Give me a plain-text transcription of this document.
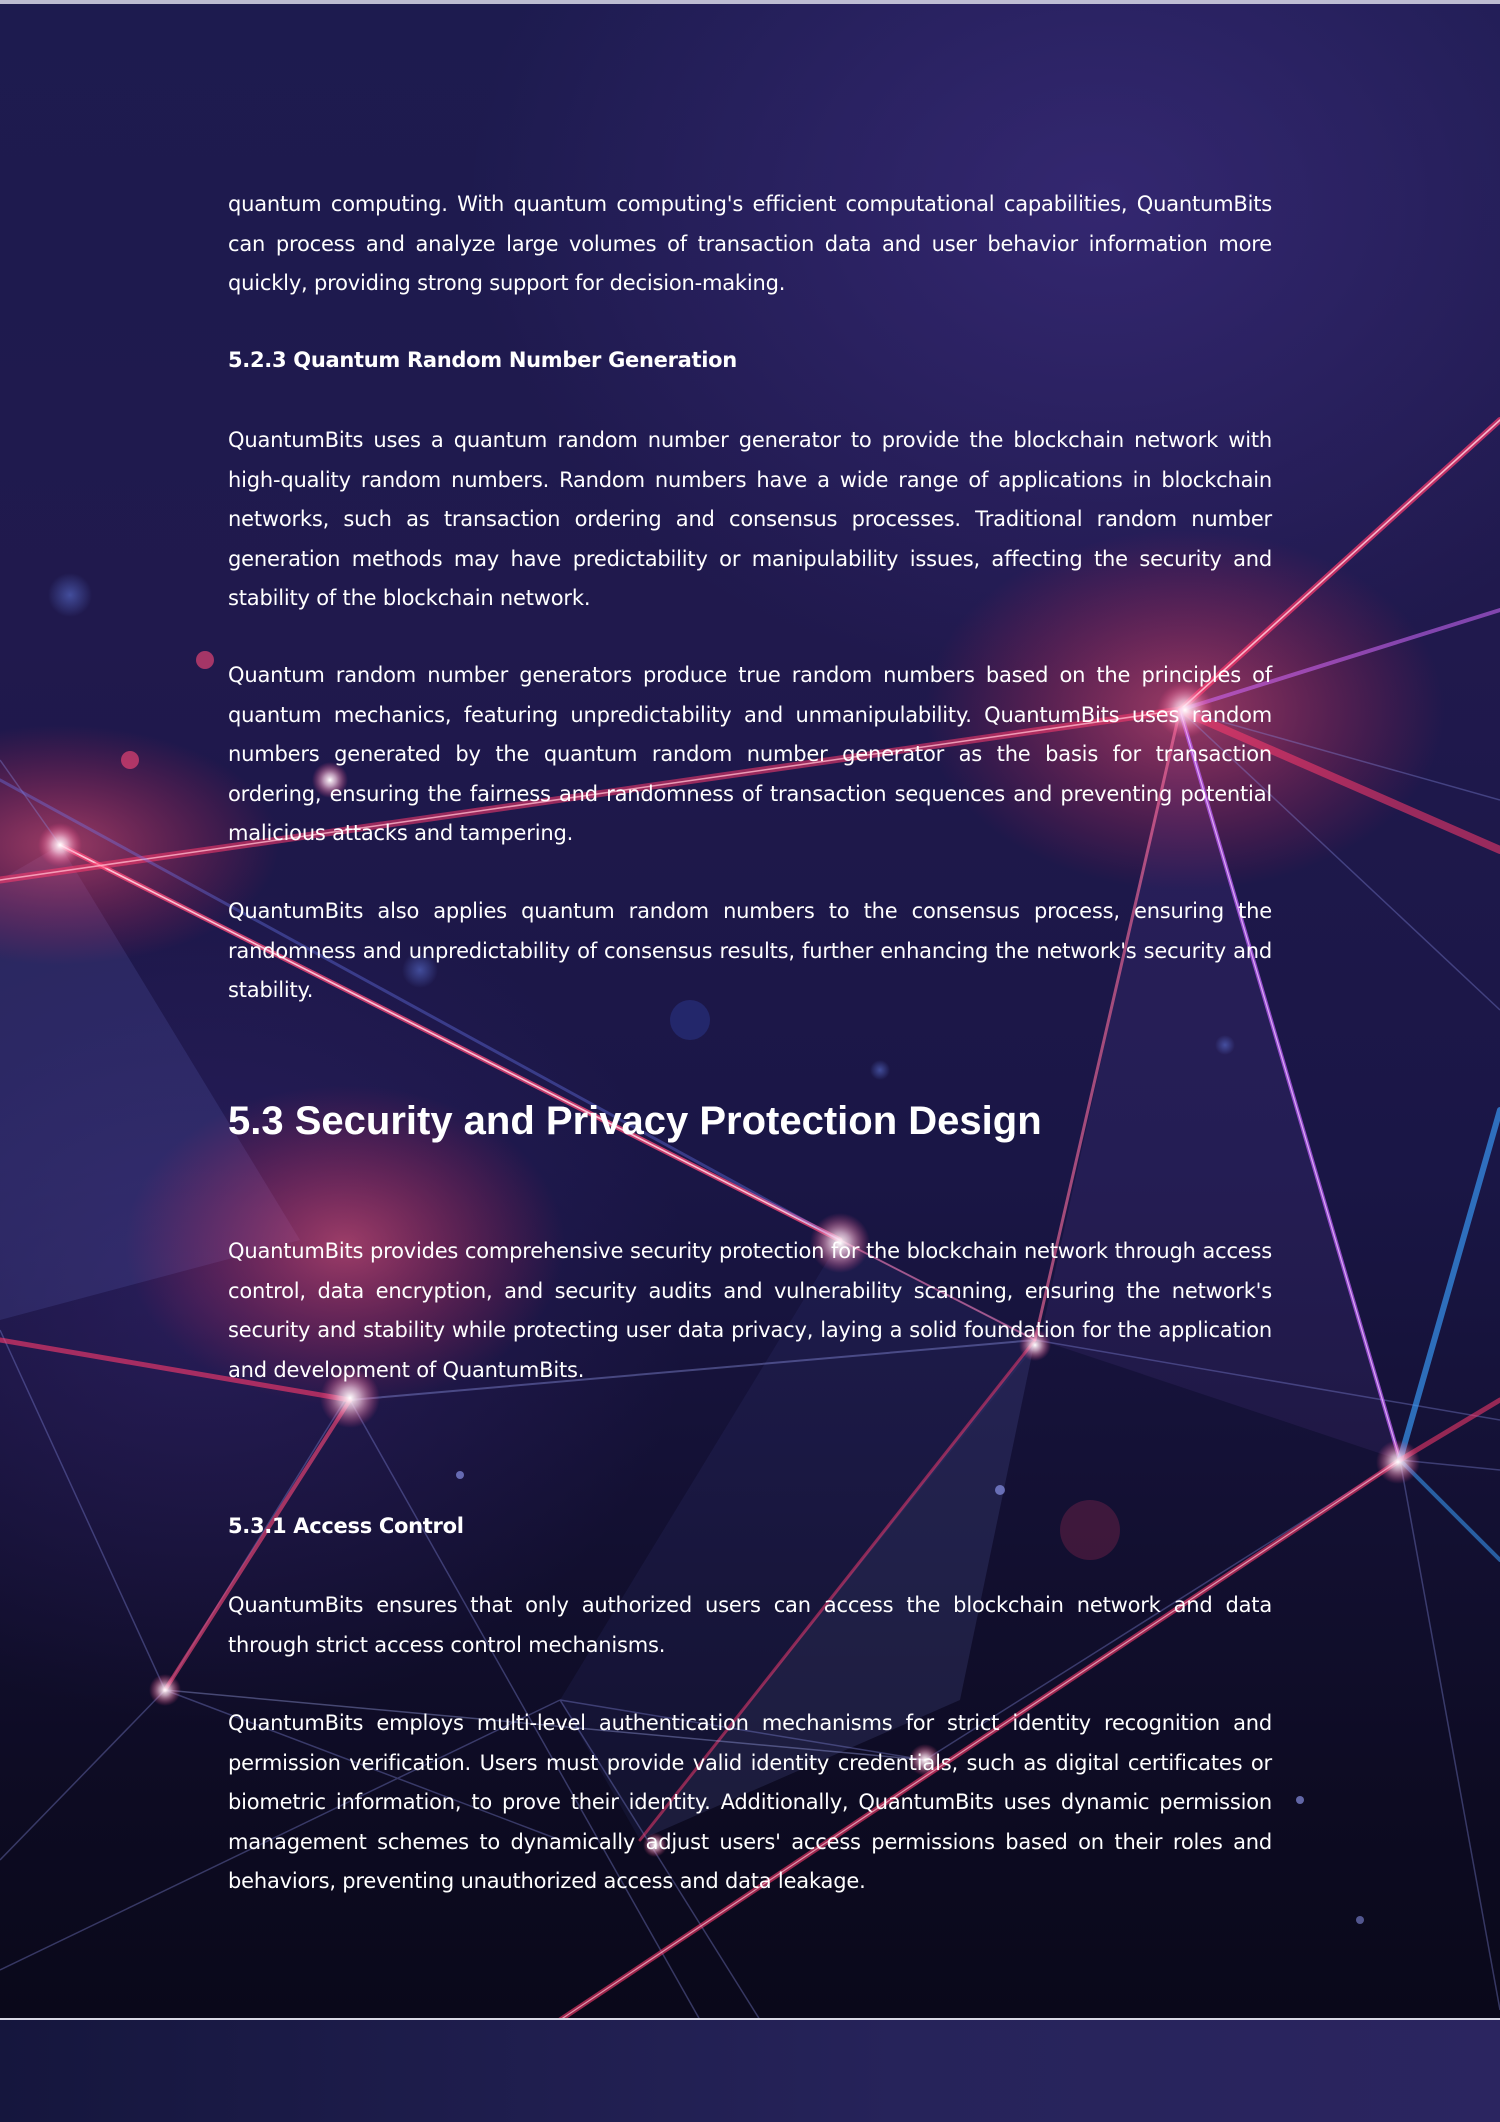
quantum computing. With quantum computing's efficient computational capabilities, QuantumBits can process and analyze large volumes of transaction data and user behavior information more quickly, providing strong support for decision-making.

5.2.3 Quantum Random Number Generation

QuantumBits uses a quantum random number generator to provide the blockchain network with high-quality random numbers. Random numbers have a wide range of applications in blockchain networks, such as transaction ordering and consensus processes. Traditional random number generation methods may have predictability or manipulability issues, affecting the security and stability of the blockchain network.

Quantum random number generators produce true random numbers based on the principles of quantum mechanics, featuring unpredictability and unmanipulability. QuantumBits uses random numbers generated by the quantum random number generator as the basis for transaction ordering, ensuring the fairness and randomness of transaction sequences and preventing potential malicious attacks and tampering.

QuantumBits also applies quantum random numbers to the consensus process, ensuring the randomness and unpredictability of consensus results, further enhancing the network's security and stability.

5.3 Security and Privacy Protection Design

QuantumBits provides comprehensive security protection for the blockchain network through access control, data encryption, and security audits and vulnerability scanning, ensuring the network's security and stability while protecting user data privacy, laying a solid foundation for the application and development of QuantumBits.

5.3.1 Access Control

QuantumBits ensures that only authorized users can access the blockchain network and data through strict access control mechanisms.

QuantumBits employs multi-level authentication mechanisms for strict identity recognition and permission verification. Users must provide valid identity credentials, such as digital certificates or biometric information, to prove their identity. Additionally, QuantumBits uses dynamic permission management schemes to dynamically adjust users' access permissions based on their roles and behaviors, preventing unauthorized access and data leakage.
